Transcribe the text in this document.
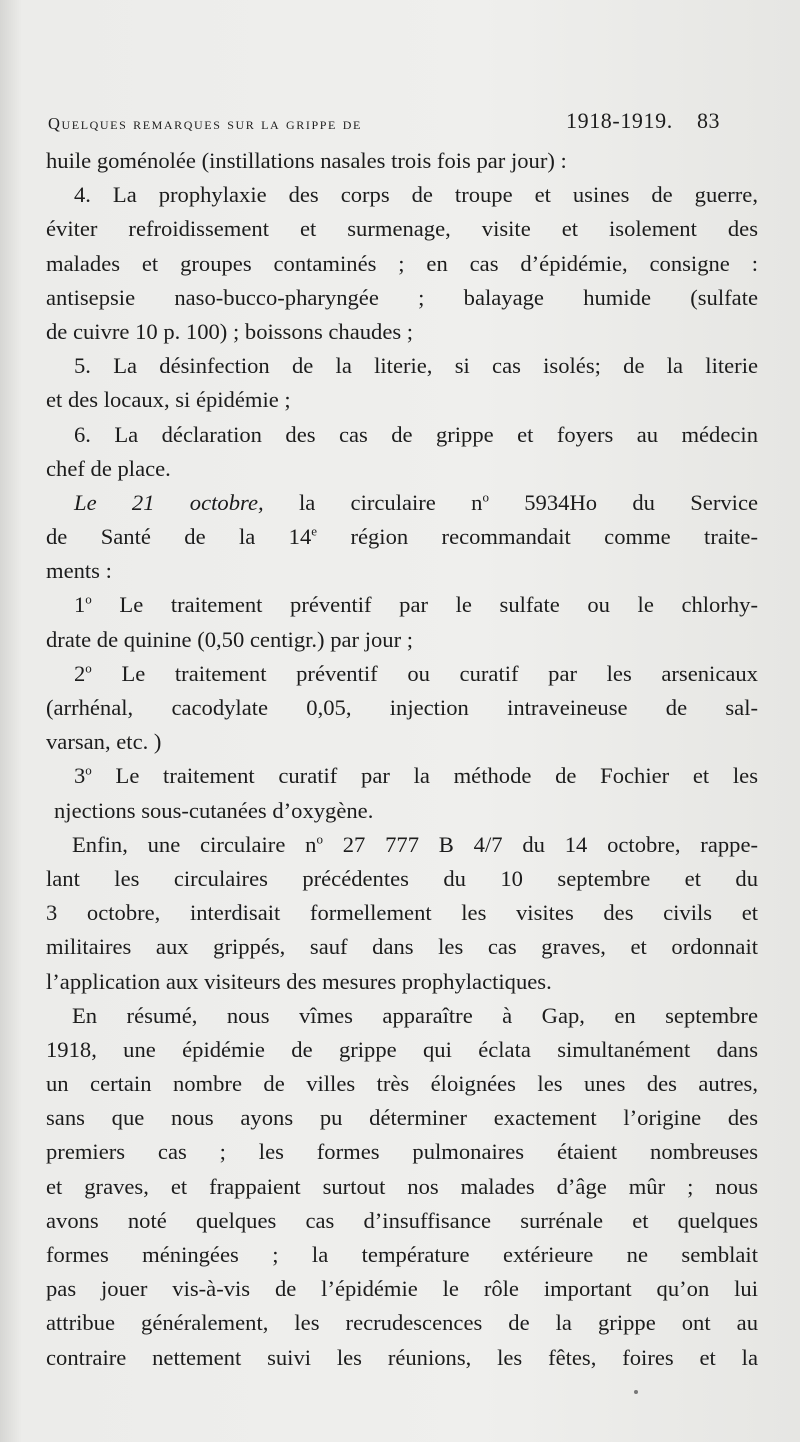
Quelques remarques sur la grippe de	1918-1919. 83
huile goménolée (instillations nasales trois fois par jour) :
4. La prophylaxie des corps de troupe et usines de guerre,
éviter refroidissement et surmenage, visite et isolement des
malades et groupes contaminés ; en cas d’épidémie, consigne :
antisepsie naso-bucco-pharyngée ; balayage humide (sulfate
de cuivre 10 p. 100) ; boissons chaudes ;
5. La désinfection de la literie, si cas isolés; de la literie
et des locaux, si épidémie ;
6. La déclaration des cas de grippe et foyers au médecin
chef de place.
Le 21 octobre, la circulaire $n^o$ 5934Ho du Service
de Santé de la 14e région recommandait comme traite-
ments :
1$^o$ Le traitement préventif par le sulfate ou le chlorhy-
drate de quinine (0,50 centigr.) par jour ;
2$^o$ Le traitement préventif ou curatif par les arsenicaux
(arrhénal, cacodylate 0,05, injection intraveineuse de sal-
varsan, etc. )
3$^o$ Le traitement curatif par la méthode de Fochier et les
njections sous-cutanées d’oxygène.
Enfin, une circulaire $n^o$ 27 777 B 4/7 du 14 octobre, rappe-
lant les circulaires précédentes du 10 septembre et du
3 octobre, interdisait formellement les visites des civils et
militaires aux grippés, sauf dans les cas graves, et ordonnait
l’application aux visiteurs des mesures prophylactiques.
En résumé, nous vîmes apparaître à Gap, en septembre
1918, une épidémie de grippe qui éclata simultanément dans
un certain nombre de villes très éloignées les unes des autres,
sans que nous ayons pu déterminer exactement l’origine des
premiers cas ; les formes pulmonaires étaient nombreuses
et graves, et frappaient surtout nos malades d’âge mûr ; nous
avons noté quelques cas d’insuffisance surrénale et quelques
formes méningées ; la température extérieure ne semblait
pas jouer vis-à-vis de l’épidémie le rôle important qu’on lui
attribue généralement, les recrudescences de la grippe ont au
contraire nettement suivi les réunions, les fêtes, foires et la
